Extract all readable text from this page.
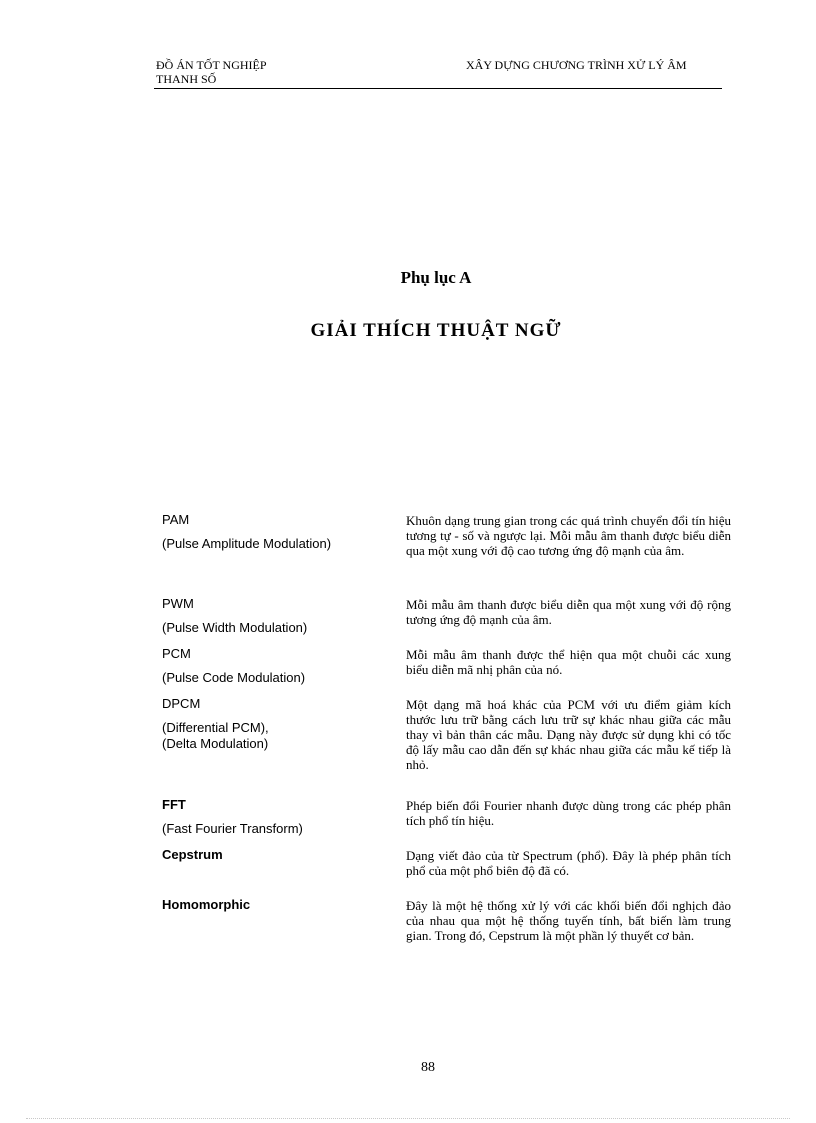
ĐỒ ÁN TỐT NGHIỆP
THANH SỐ
XÂY DỰNG CHƯƠNG TRÌNH XỬ LÝ ÂM
Phụ lục A
GIẢI THÍCH THUẬT NGỮ
PAM
(Pulse Amplitude Modulation)
Khuôn dạng trung gian trong các quá trình chuyển đổi tín hiệu tương tự - số và ngược lại. Mỗi mẫu âm thanh được biểu diễn qua một xung với độ cao tương ứng độ mạnh của âm.
PWM
(Pulse Width Modulation)
Mỗi mẫu âm thanh được biểu diễn qua một xung với độ rộng tương ứng độ mạnh của âm.
PCM
(Pulse Code Modulation)
Mỗi mẫu âm thanh được thể hiện qua một chuỗi các xung biểu diễn mã nhị phân của nó.
DPCM
(Differential PCM),
(Delta Modulation)
Một dạng mã hoá khác của PCM với ưu điểm giảm kích thước lưu trữ bằng cách lưu trữ sự khác nhau giữa các mẫu thay vì bản thân các mẫu. Dạng này được sử dụng khi có tốc độ lấy mẫu cao dẫn đến sự khác nhau giữa các mẫu kế tiếp là nhỏ.
FFT
(Fast Fourier Transform)
Phép biến đổi Fourier nhanh được dùng trong các phép phân tích phổ tín hiệu.
Cepstrum	Dạng viết đảo của từ Spectrum (phổ). Đây là phép phân tích phổ của một phổ biên độ đã có.
Homomorphic	Đây là một hệ thống xử lý với các khối biến đổi nghịch đảo của nhau qua một hệ thống tuyến tính, bất biến làm trung gian. Trong đó, Cepstrum là một phần lý thuyết cơ bản.
88
